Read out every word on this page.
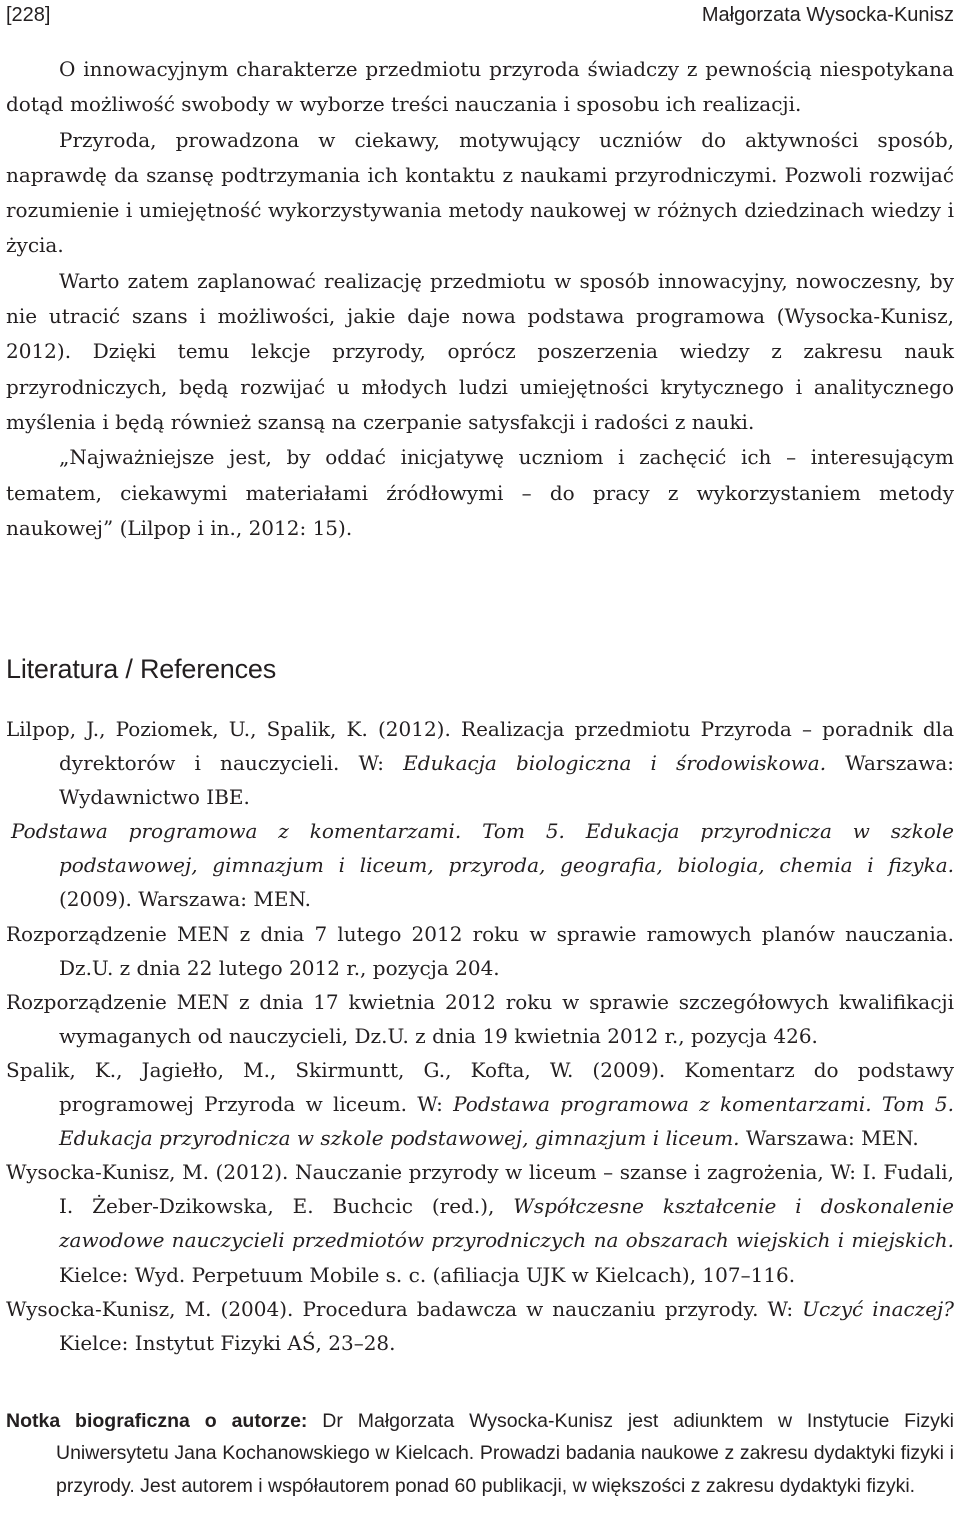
[228]	Małgorzata Wysocka-Kunisz

O innowacyjnym charakterze przedmiotu przyroda świadczy z pewnością niespotykana dotąd możliwość swobody w wyborze treści nauczania i sposobu ich realizacji.

Przyroda, prowadzona w ciekawy, motywujący uczniów do aktywności sposób, naprawdę da szansę podtrzymania ich kontaktu z naukami przyrodniczymi. Pozwoli rozwijać rozumienie i umiejętność wykorzystywania metody naukowej w różnych dziedzinach wiedzy i życia.

Warto zatem zaplanować realizację przedmiotu w sposób innowacyjny, nowoczesny, by nie utracić szans i możliwości, jakie daje nowa podstawa programowa (Wysocka-Kunisz, 2012). Dzięki temu lekcje przyrody, oprócz poszerzenia wiedzy z zakresu nauk przyrodniczych, będą rozwijać u młodych ludzi umiejętności krytycznego i analitycznego myślenia i będą również szansą na czerpanie satysfakcji i radości z nauki.

„Najważniejsze jest, by oddać inicjatywę uczniom i zachęcić ich – interesującym tematem, ciekawymi materiałami źródłowymi – do pracy z wykorzystaniem metody naukowej” (Lilpop i in., 2012: 15).

Literatura / References

Lilpop, J., Poziomek, U., Spalik, K. (2012). Realizacja przedmiotu Przyroda – poradnik dla dyrektorów i nauczycieli. W: Edukacja biologiczna i środowiskowa. Warszawa: Wydawnictwo IBE.

Podstawa programowa z komentarzami. Tom 5. Edukacja przyrodnicza w szkole podstawowej, gimnazjum i liceum, przyroda, geografia, biologia, chemia i fizyka. (2009). Warszawa: MEN.

Rozporządzenie MEN z dnia 7 lutego 2012 roku w sprawie ramowych planów nauczania. Dz.U. z dnia 22 lutego 2012 r., pozycja 204.

Rozporządzenie MEN z dnia 17 kwietnia 2012 roku w sprawie szczegółowych kwalifikacji wymaganych od nauczycieli, Dz.U. z dnia 19 kwietnia 2012 r., pozycja 426.

Spalik, K., Jagiełło, M., Skirmuntt, G., Kofta, W. (2009). Komentarz do podstawy programowej Przyroda w liceum. W: Podstawa programowa z komentarzami. Tom 5. Edukacja przyrodnicza w szkole podstawowej, gimnazjum i liceum. Warszawa: MEN.

Wysocka-Kunisz, M. (2012). Nauczanie przyrody w liceum – szanse i zagrożenia, W: I. Fudali, I. Żeber-Dzikowska, E. Buchcic (red.), Współczesne kształcenie i doskonalenie zawodowe nauczycieli przedmiotów przyrodniczych na obszarach wiejskich i miejskich. Kielce: Wyd. Perpetuum Mobile s. c. (afiliacja UJK w Kielcach), 107–116.

Wysocka-Kunisz, M. (2004). Procedura badawcza w nauczaniu przyrody. W: Uczyć inaczej? Kielce: Instytut Fizyki AŚ, 23–28.

Notka biograficzna o autorze: Dr Małgorzata Wysocka-Kunisz jest adiunktem w Instytucie Fizyki Uniwersytetu Jana Kochanowskiego w Kielcach. Prowadzi badania naukowe z zakresu dydaktyki fizyki i przyrody. Jest autorem i współautorem ponad 60 publikacji, w większości z zakresu dydaktyki fizyki.
